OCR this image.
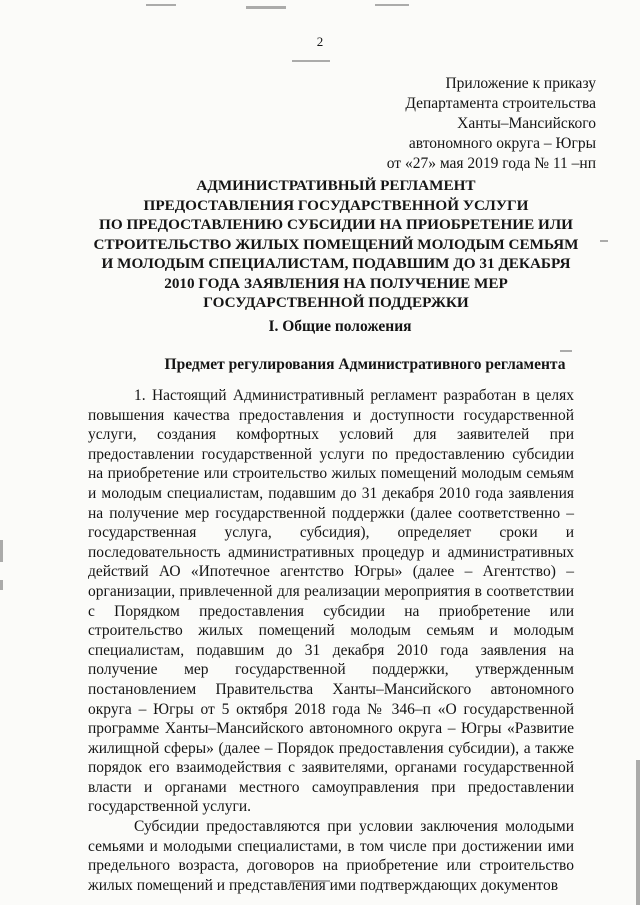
2
Приложение к приказу
Департамента строительства
Ханты–Мансийского
автономного округа – Югры
от «27» мая 2019 года № 11 –нп
АДМИНИСТРАТИВНЫЙ РЕГЛАМЕНТ
ПРЕДОСТАВЛЕНИЯ ГОСУДАРСТВЕННОЙ УСЛУГИ
ПО ПРЕДОСТАВЛЕНИЮ СУБСИДИИ НА ПРИОБРЕТЕНИЕ ИЛИ
СТРОИТЕЛЬСТВО ЖИЛЫХ ПОМЕЩЕНИЙ МОЛОДЫМ СЕМЬЯМ
И МОЛОДЫМ СПЕЦИАЛИСТАМ, ПОДАВШИМ ДО 31 ДЕКАБРЯ
2010 ГОДА ЗАЯВЛЕНИЯ НА ПОЛУЧЕНИЕ МЕР
ГОСУДАРСТВЕННОЙ ПОДДЕРЖКИ
I. Общие положения
Предмет регулирования Административного регламента

1. Настоящий Административный регламент разработан в целях повышения качества предоставления и доступности государственной услуги, создания комфортных условий для заявителей при предоставлении государственной услуги по предоставлению субсидии на приобретение или строительство жилых помещений молодым семьям и молодым специалистам, подавшим до 31 декабря 2010 года заявления на получение мер государственной поддержки (далее соответственно – государственная услуга, субсидия), определяет сроки и последовательность административных процедур и административных действий АО «Ипотечное агентство Югры» (далее – Агентство) – организации, привлеченной для реализации мероприятия в соответствии с Порядком предоставления субсидии на приобретение или строительство жилых помещений молодым семьям и молодым специалистам, подавшим до 31 декабря 2010 года заявления на получение мер государственной поддержки, утвержденным постановлением Правительства Ханты–Мансийского автономного округа – Югры от 5 октября 2018 года № 346–п «О государственной программе Ханты–Мансийского автономного округа – Югры «Развитие жилищной сферы» (далее – Порядок предоставления субсидии), а также порядок его взаимодействия с заявителями, органами государственной власти и органами местного самоуправления при предоставлении государственной услуги.

Субсидии предоставляются при условии заключения молодыми семьями и молодыми специалистами, в том числе при достижении ими предельного возраста, договоров на приобретение или строительство жилых помещений и представления ими подтверждающих документов
